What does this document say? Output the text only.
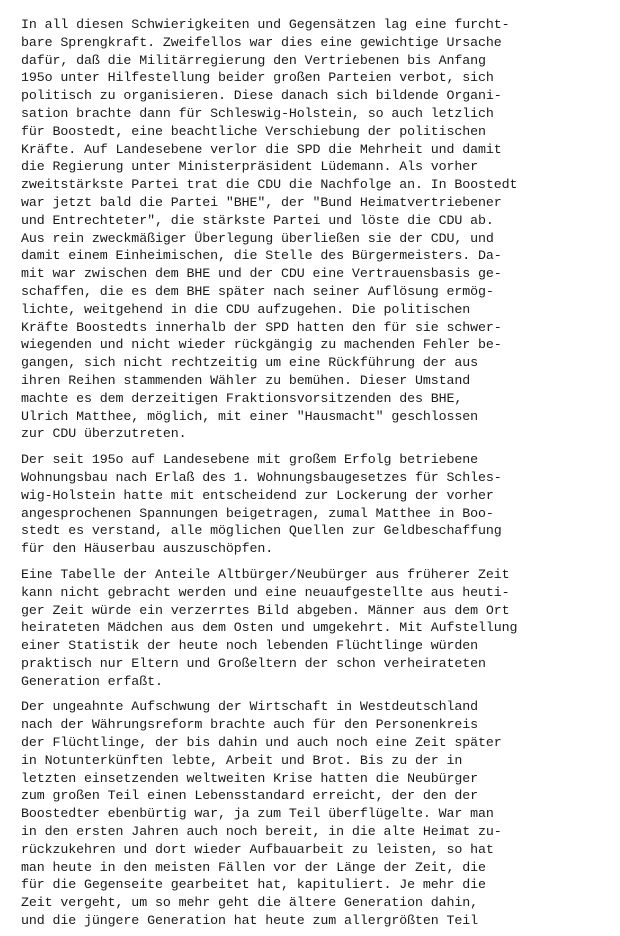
In all diesen Schwierigkeiten und Gegensätzen lag eine furcht-
bare Sprengkraft. Zweifellos war dies eine gewichtige Ursache
dafür, daß die Militärregierung den Vertriebenen bis Anfang
195o unter Hilfestellung beider großen Parteien verbot, sich
politisch zu organisieren. Diese danach sich bildende Organi-
sation brachte dann für Schleswig-Holstein, so auch letzlich
für Boostedt, eine beachtliche Verschiebung der politischen
Kräfte. Auf Landesebene verlor die SPD die Mehrheit und damit
die Regierung unter Ministerpräsident Lüdemann. Als vorher
zweitstärkste Partei trat die CDU die Nachfolge an. In Boostedt
war jetzt bald die Partei "BHE", der "Bund Heimatvertriebener
und Entrechteter", die stärkste Partei und löste die CDU ab.
Aus rein zweckmäßiger Überlegung überließen sie der CDU, und
damit einem Einheimischen, die Stelle des Bürgermeisters. Da-
mit war zwischen dem BHE und der CDU eine Vertrauensbasis ge-
schaffen, die es dem BHE später nach seiner Auflösung ermög-
lichte, weitgehend in die CDU aufzugehen. Die politischen
Kräfte Boostedts innerhalb der SPD hatten den für sie schwer-
wiegenden und nicht wieder rückgängig zu machenden Fehler be-
gangen, sich nicht rechtzeitig um eine Rückführung der aus
ihren Reihen stammenden Wähler zu bemühen. Dieser Umstand
machte es dem derzeitigen Fraktionsvorsitzenden des BHE,
Ulrich Matthee, möglich, mit einer "Hausmacht" geschlossen
zur CDU überzutreten.

Der seit 195o auf Landesebene mit großem Erfolg betriebene
Wohnungsbau nach Erlaß des 1. Wohnungsbaugesetzes für Schles-
wig-Holstein hatte mit entscheidend zur Lockerung der vorher
angesprochenen Spannungen beigetragen, zumal Matthee in Boo-
stedt es verstand, alle möglichen Quellen zur Geldbeschaffung
für den Häuserbau auszuschöpfen.

Eine Tabelle der Anteile Altbürger/Neubürger aus früherer Zeit
kann nicht gebracht werden und eine neuaufgestellte aus heuti-
ger Zeit würde ein verzerrtes Bild abgeben. Männer aus dem Ort
heirateten Mädchen aus dem Osten und umgekehrt. Mit Aufstellung
einer Statistik der heute noch lebenden Flüchtlinge würden
praktisch nur Eltern und Großeltern der schon verheirateten
Generation erfaßt.

Der ungeahnte Aufschwung der Wirtschaft in Westdeutschland
nach der Währungsreform brachte auch für den Personenkreis
der Flüchtlinge, der bis dahin und auch noch eine Zeit später
in Notunterkünften lebte, Arbeit und Brot. Bis zu der in
letzten einsetzenden weltweiten Krise hatten die Neubürger
zum großen Teil einen Lebensstandard erreicht, der den der
Boostedter ebenbürtig war, ja zum Teil überflügelte. War man
in den ersten Jahren auch noch bereit, in die alte Heimat zu-
rückzukehren und dort wieder Aufbauarbeit zu leisten, so hat
man heute in den meisten Fällen vor der Länge der Zeit, die
für die Gegenseite gearbeitet hat, kapituliert. Je mehr die
Zeit vergeht, um so mehr geht die ältere Generation dahin,
und die jüngere Generation hat heute zum allergrößten Teil
